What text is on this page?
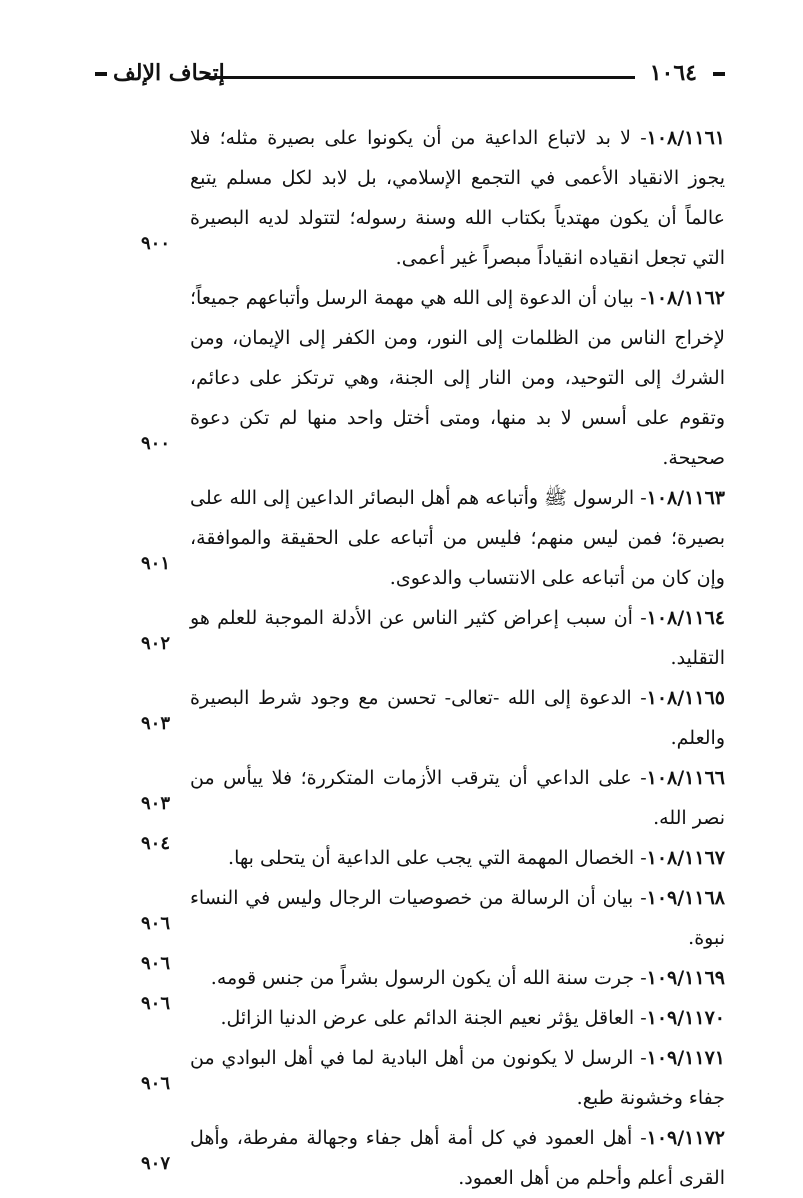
١٠٦٤
إتحاف الإلف
١٠٨/١١٦١- لا بد لاتباع الداعية من أن يكونوا على بصيرة مثله؛ فلا يجوز الانقياد الأعمى في التجمع الإسلامي، بل لابد لكل مسلم يتبع عالماً أن يكون مهتدياً بكتاب الله وسنة رسوله؛ لتتولد لديه البصيرة التي تجعل انقياده انقياداً مبصراً غير أعمى.
٩٠٠
١٠٨/١١٦٢- بيان أن الدعوة إلى الله هي مهمة الرسل وأتباعهم جميعاً؛ لإخراج الناس من الظلمات إلى النور، ومن الكفر إلى الإيمان، ومن الشرك إلى التوحيد، ومن النار إلى الجنة، وهي ترتكز على دعائم، وتقوم على أسس لا بد منها، ومتى أختل واحد منها لم تكن دعوة صحيحة.
٩٠٠
١٠٨/١١٦٣- الرسول ﷺ وأتباعه هم أهل البصائر الداعين إلى الله على بصيرة؛ فمن ليس منهم؛ فليس من أتباعه على الحقيقة والموافقة، وإن كان من أتباعه على الانتساب والدعوى.
٩٠١
١٠٨/١١٦٤- أن سبب إعراض كثير الناس عن الأدلة الموجبة للعلم هو التقليد.
٩٠٢
١٠٨/١١٦٥- الدعوة إلى الله -تعالى- تحسن مع وجود شرط البصيرة والعلم.
٩٠٣
١٠٨/١١٦٦- على الداعي أن يترقب الأزمات المتكررة؛ فلا ييأس من نصر الله.
٩٠٣
١٠٨/١١٦٧- الخصال المهمة التي يجب على الداعية أن يتحلى بها.
٩٠٤
١٠٩/١١٦٨- بيان أن الرسالة من خصوصيات الرجال وليس في النساء نبوة.
٩٠٦
١٠٩/١١٦٩- جرت سنة الله أن يكون الرسول بشراً من جنس قومه.
٩٠٦
١٠٩/١١٧٠- العاقل يؤثر نعيم الجنة الدائم على عرض الدنيا الزائل.
٩٠٦
١٠٩/١١٧١- الرسل لا يكونون من أهل البادية لما في أهل البوادي من جفاء وخشونة طبع.
٩٠٦
١٠٩/١١٧٢- أهل العمود في كل أمة أهل جفاء وجهالة مفرطة، وأهل القرى أعلم وأحلم من أهل العمود.
٩٠٧
